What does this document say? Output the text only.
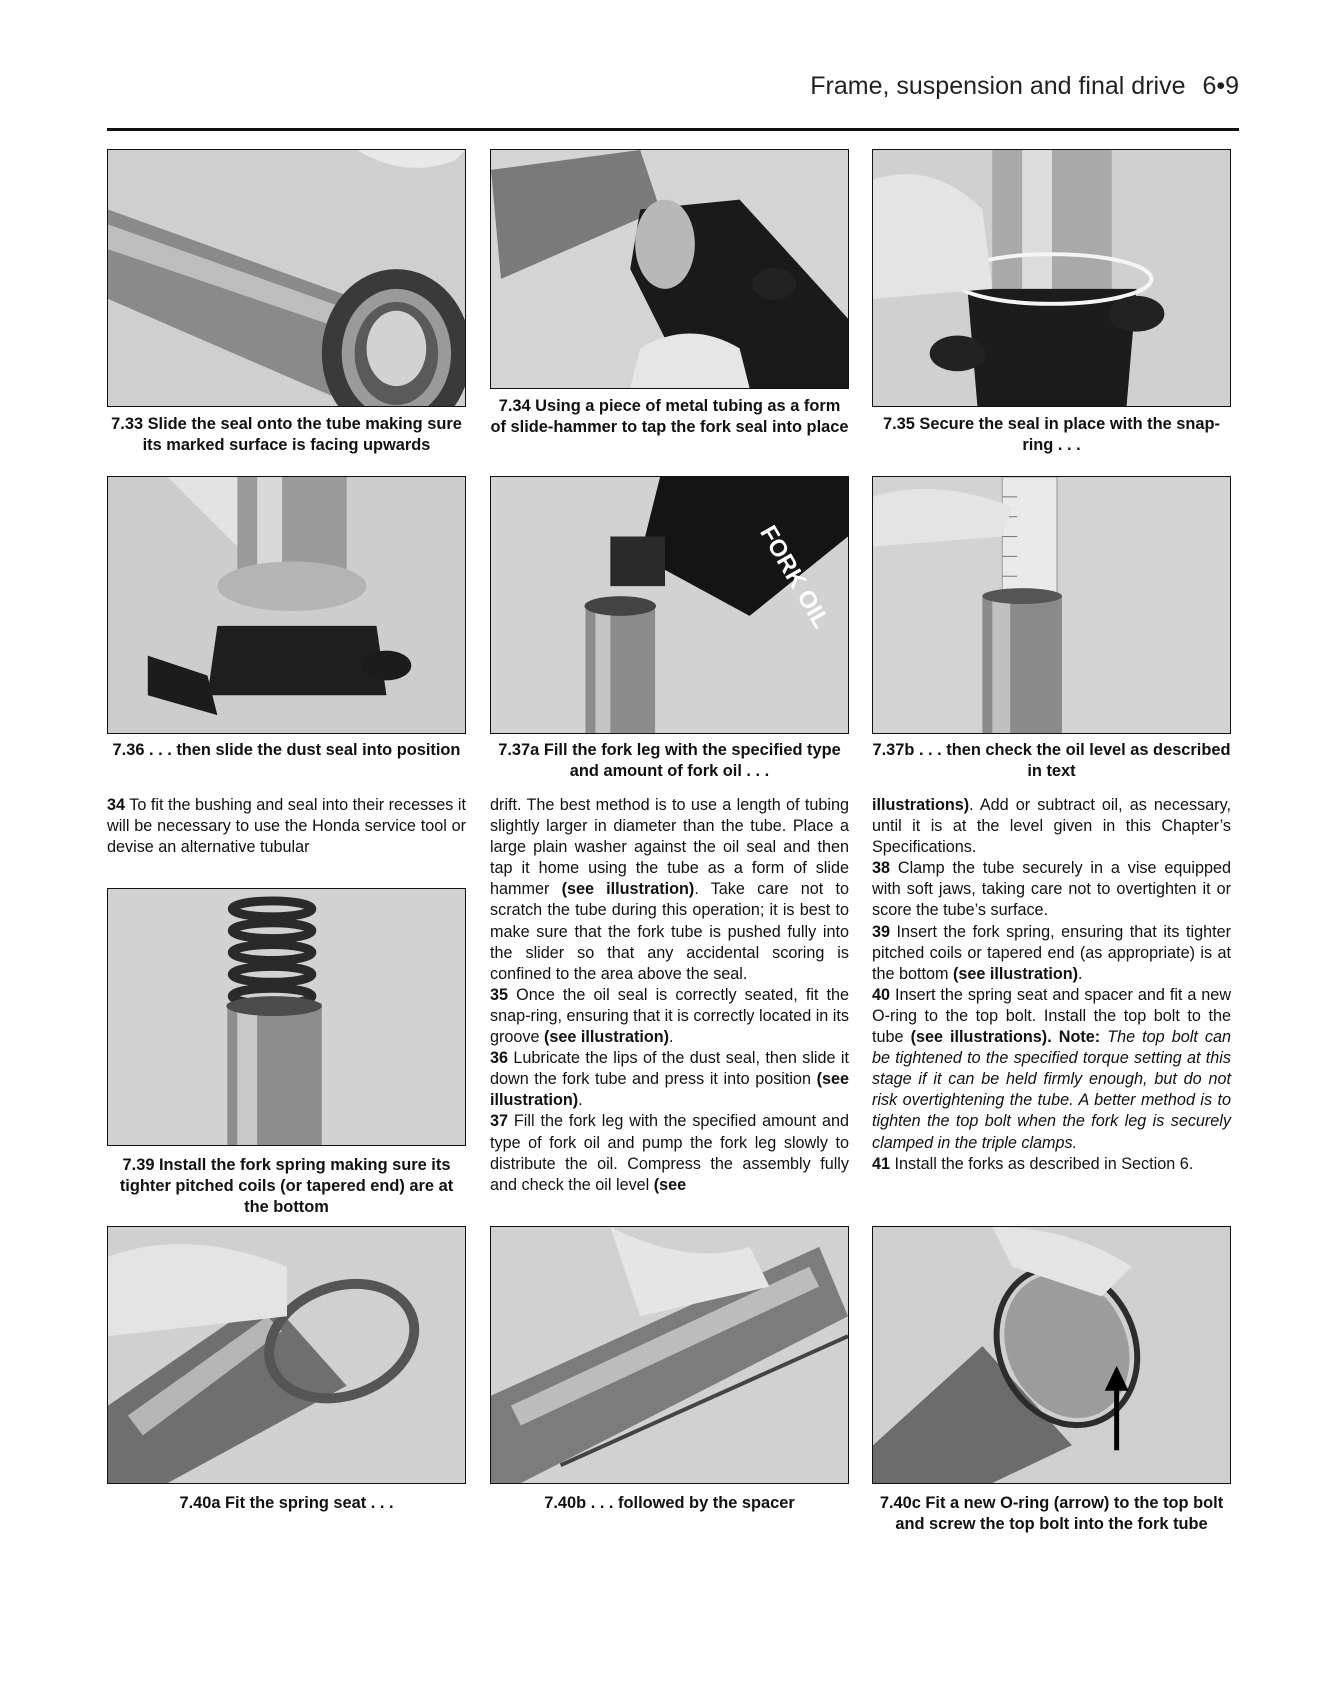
Frame, suspension and final drive 6•9
7.33 Slide the seal onto the tube making sure its marked surface is facing upwards
7.34 Using a piece of metal tubing as a form of slide-hammer to tap the fork seal into place	7.35 Secure the seal in place with the snap-ring . . .
FORK OIL
7.36 . . . then slide the dust seal into position	7.37a Fill the fork leg with the specified type and amount of fork oil . . .
7.37b . . . then check the oil level as described in text

34 To fit the bushing and seal into their recesses it will be necessary to use the Honda service tool or devise an alternative tubular

7.39 Install the fork spring making sure its tighter pitched coils (or tapered end) are at the bottom

drift. The best method is to use a length of tubing slightly larger in diameter than the tube. Place a large plain washer against the oil seal and then tap it home using the tube as a form of slide hammer (see illustration). Take care not to scratch the tube during this operation; it is best to make sure that the fork tube is pushed fully into the slider so that any accidental scoring is confined to the area above the seal.

35 Once the oil seal is correctly seated, fit the snap-ring, ensuring that it is correctly located in its groove (see illustration).

36 Lubricate the lips of the dust seal, then slide it down the fork tube and press it into position (see illustration).

37 Fill the fork leg with the specified amount and type of fork oil and pump the fork leg slowly to distribute the oil. Compress the assembly fully and check the oil level (see

illustrations). Add or subtract oil, as necessary, until it is at the level given in this Chapter’s Specifications.

38 Clamp the tube securely in a vise equipped with soft jaws, taking care not to overtighten it or score the tube’s surface.

39 Insert the fork spring, ensuring that its tighter pitched coils or tapered end (as appropriate) is at the bottom (see illustration).

40 Insert the spring seat and spacer and fit a new O-ring to the top bolt. Install the top bolt to the tube (see illustrations). Note: The top bolt can be tightened to the specified torque setting at this stage if it can be held firmly enough, but do not risk overtightening the tube. A better method is to tighten the top bolt when the fork leg is securely clamped in the triple clamps.

41 Install the forks as described in Section 6.

7.40a Fit the spring seat . . .	7.40b . . . followed by the spacer	7.40c Fit a new O-ring (arrow) to the top bolt and screw the top bolt into the fork tube
